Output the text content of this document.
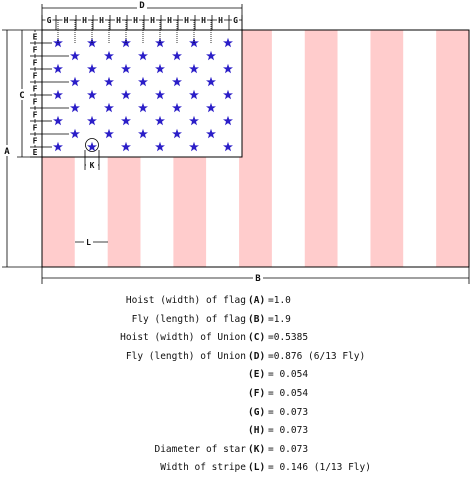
D
B
A
C
K
L
G H H H H H H H H H H G
E
F
F
F
F
F
F
F
F
E
Hoist (width) of flag (A) =1.0
Fly (length) of flag (B) =1.9
Hoist (width) of Union (C) =0.5385
Fly (length) of Union (D) =0.876 (6/13 Fly)
(E) = 0.054
(F) = 0.054
(G) = 0.073
(H) = 0.073
Diameter of star (K) = 0.073
Width of stripe (L) = 0.146 (1/13 Fly)
